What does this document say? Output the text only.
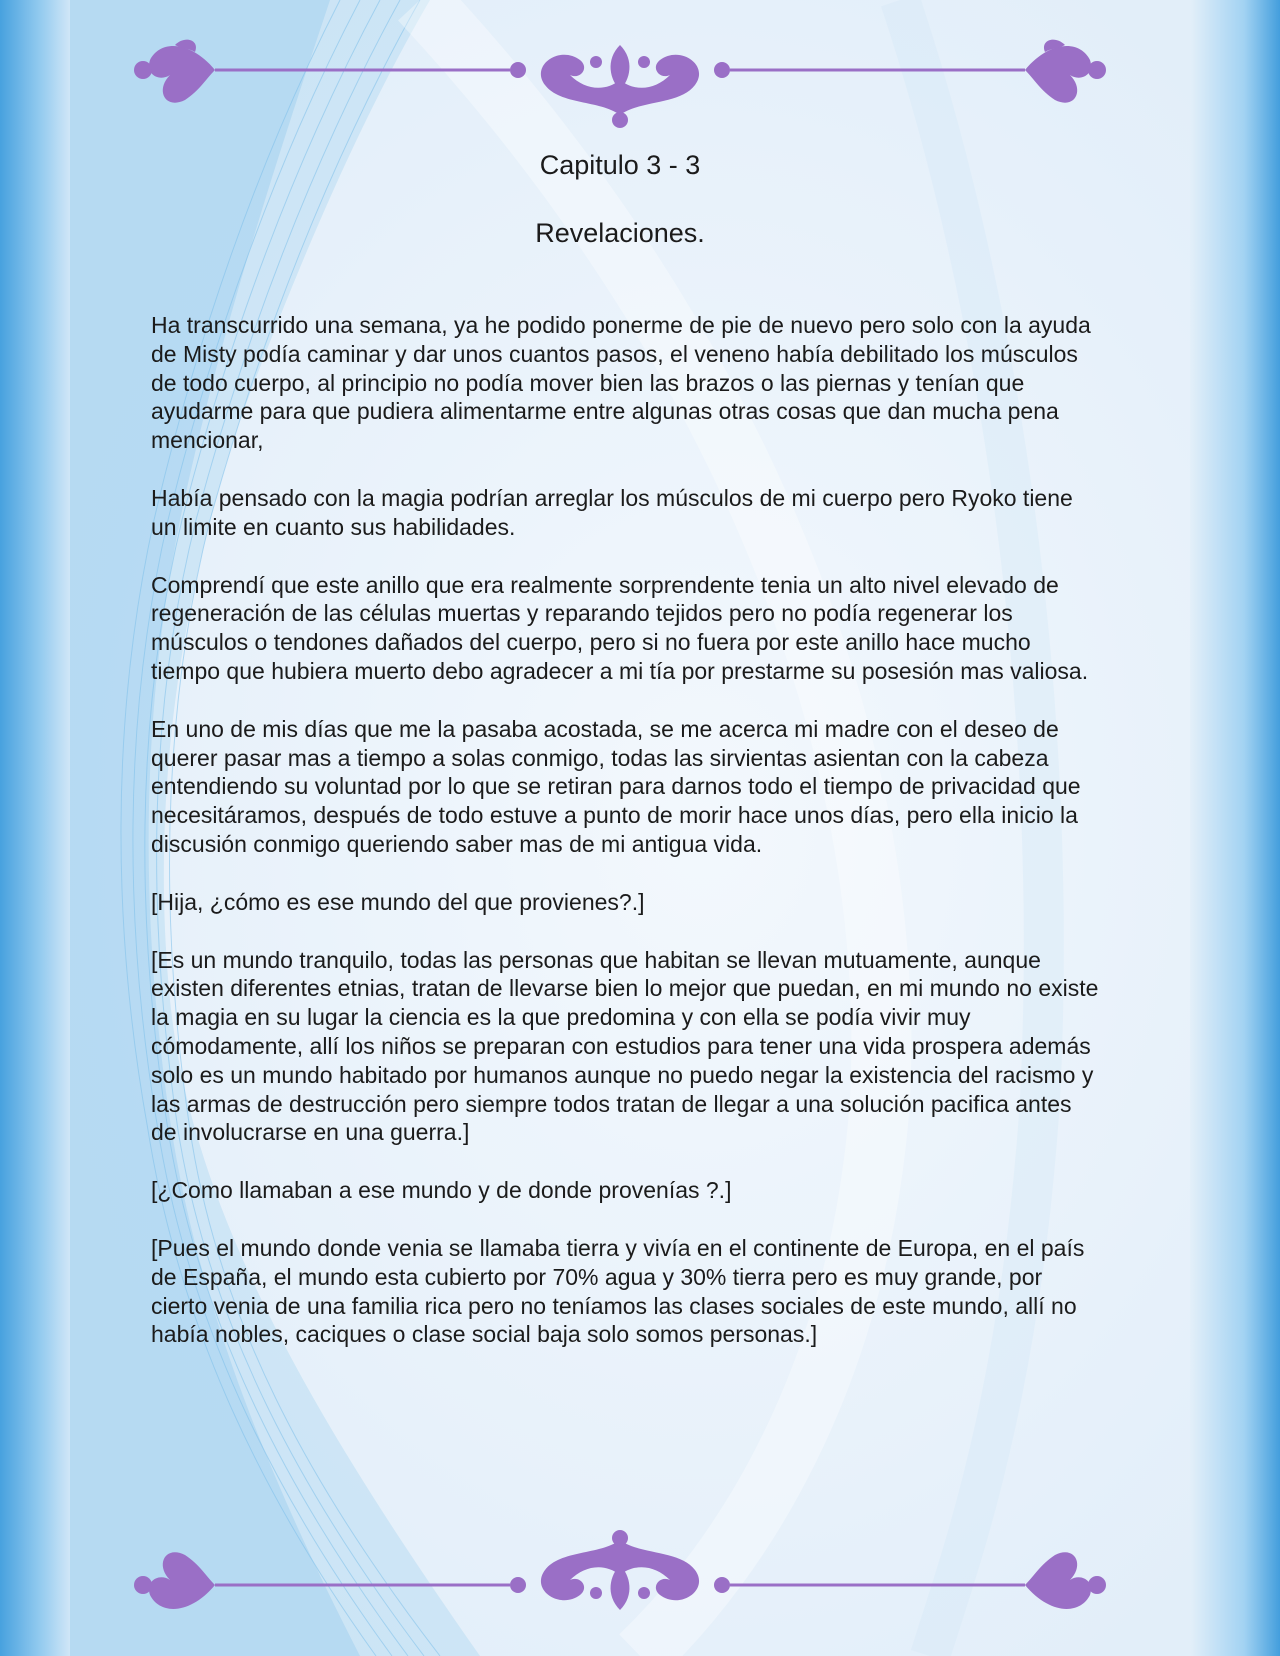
Capitulo 3 - 3
Revelaciones.

Ha transcurrido una semana, ya he podido ponerme de pie de nuevo pero solo con la ayuda de Misty podía caminar y dar unos cuantos pasos, el veneno había debilitado los músculos de todo cuerpo, al principio no podía mover bien las brazos o las piernas y tenían que ayudarme para que pudiera alimentarme entre algunas otras cosas que dan mucha pena mencionar,

Había pensado con la magia podrían arreglar los músculos de mi cuerpo pero Ryoko tiene un limite en cuanto sus habilidades.

Comprendí que este anillo que era realmente sorprendente tenia un alto nivel elevado de regeneración de las células muertas y reparando tejidos pero no podía regenerar los músculos o tendones dañados del cuerpo, pero si no fuera por este anillo hace mucho tiempo que hubiera muerto debo agradecer a mi tía por prestarme su posesión mas valiosa.

En uno de mis días que me la pasaba acostada, se me acerca mi madre con el deseo de querer pasar mas a tiempo a solas conmigo, todas las sirvientas asientan con la cabeza entendiendo su voluntad por lo que se retiran para darnos todo el tiempo de privacidad que necesitáramos, después de todo estuve a punto de morir hace unos días, pero ella inicio la discusión conmigo queriendo saber mas de mi antigua vida.

[Hija, ¿cómo es ese mundo del que provienes?.]

[Es un mundo tranquilo, todas las personas que habitan se llevan mutuamente, aunque existen diferentes etnias, tratan de llevarse bien lo mejor que puedan, en mi mundo no existe la magia en su lugar la ciencia es la que predomina y con ella se podía vivir muy cómodamente, allí los niños se preparan con estudios para tener una vida prospera además solo es un mundo habitado por humanos aunque no puedo negar la existencia del racismo y las armas de destrucción pero siempre todos tratan de llegar a una solución pacifica antes de involucrarse en una guerra.]

[¿Como llamaban a ese mundo y de donde provenías ?.]

[Pues el mundo donde venia se llamaba tierra y vivía en el continente de Europa, en el país de España, el mundo esta cubierto por 70% agua y 30% tierra pero es muy grande, por cierto venia de una familia rica pero no teníamos las clases sociales de este mundo, allí no había nobles, caciques o clase social baja solo somos personas.]
